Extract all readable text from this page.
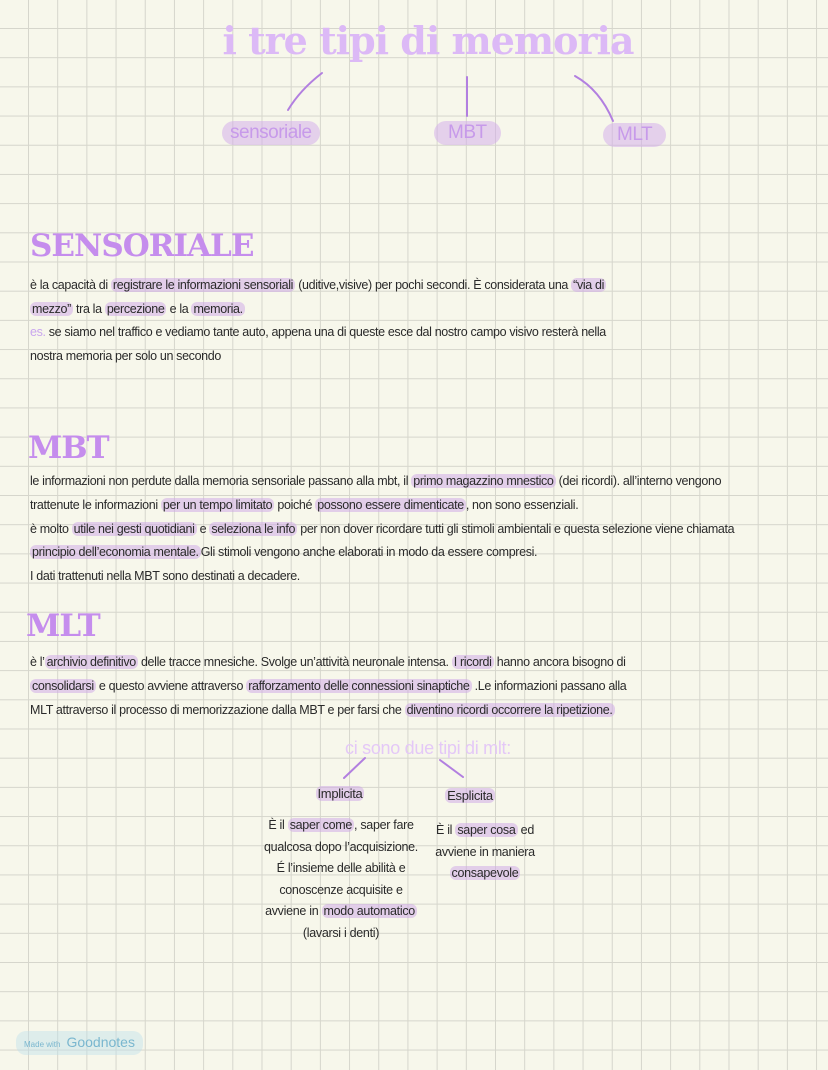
i tre tipi di memoria
sensoriale	MBT	MLT
SENSORIALE
è la capacità di registrare le informazioni sensoriali (uditive,visive) per pochi secondi. È considerata una “via di
mezzo” tra la percezione e la memoria.
es. se siamo nel traffico e vediamo tante auto, appena una di queste esce dal nostro campo visivo resterà nella
nostra memoria per solo un secondo
MBT
le informazioni non perdute dalla memoria sensoriale passano alla mbt, il primo magazzino mnestico (dei ricordi). all’interno vengono
trattenute le informazioni per un tempo limitato poiché possono essere dimenticate , non sono essenziali.
è molto utile nei gesti quotidiani e seleziona le info per non dover ricordare tutti gli stimoli ambientali e questa selezione viene chiamata
principio dell’economia mentale. Gli stimoli vengono anche elaborati in modo da essere compresi.
I dati trattenuti nella MBT sono destinati a decadere.
MLT
è l’ archivio definitivo delle tracce mnesiche. Svolge un’attività neuronale intensa. I ricordi hanno ancora bisogno di
consolidarsi e questo avviene attraverso rafforzamento delle connessioni sinaptiche .Le informazioni passano alla
MLT attraverso il processo di memorizzazione dalla MBT e per farsi che diventino ricordi occorrere la ripetizione.
ci sono due tipi di mlt:
Implicita	Esplicita
È il saper come , saper fare
qualcosa dopo l’acquisizione.
É l’insieme delle abilità e
conoscenze acquisite e
avviene in modo automatico
(lavarsi i denti)
È il saper cosa ed
avviene in maniera
consapevole
Made with Goodnotes
